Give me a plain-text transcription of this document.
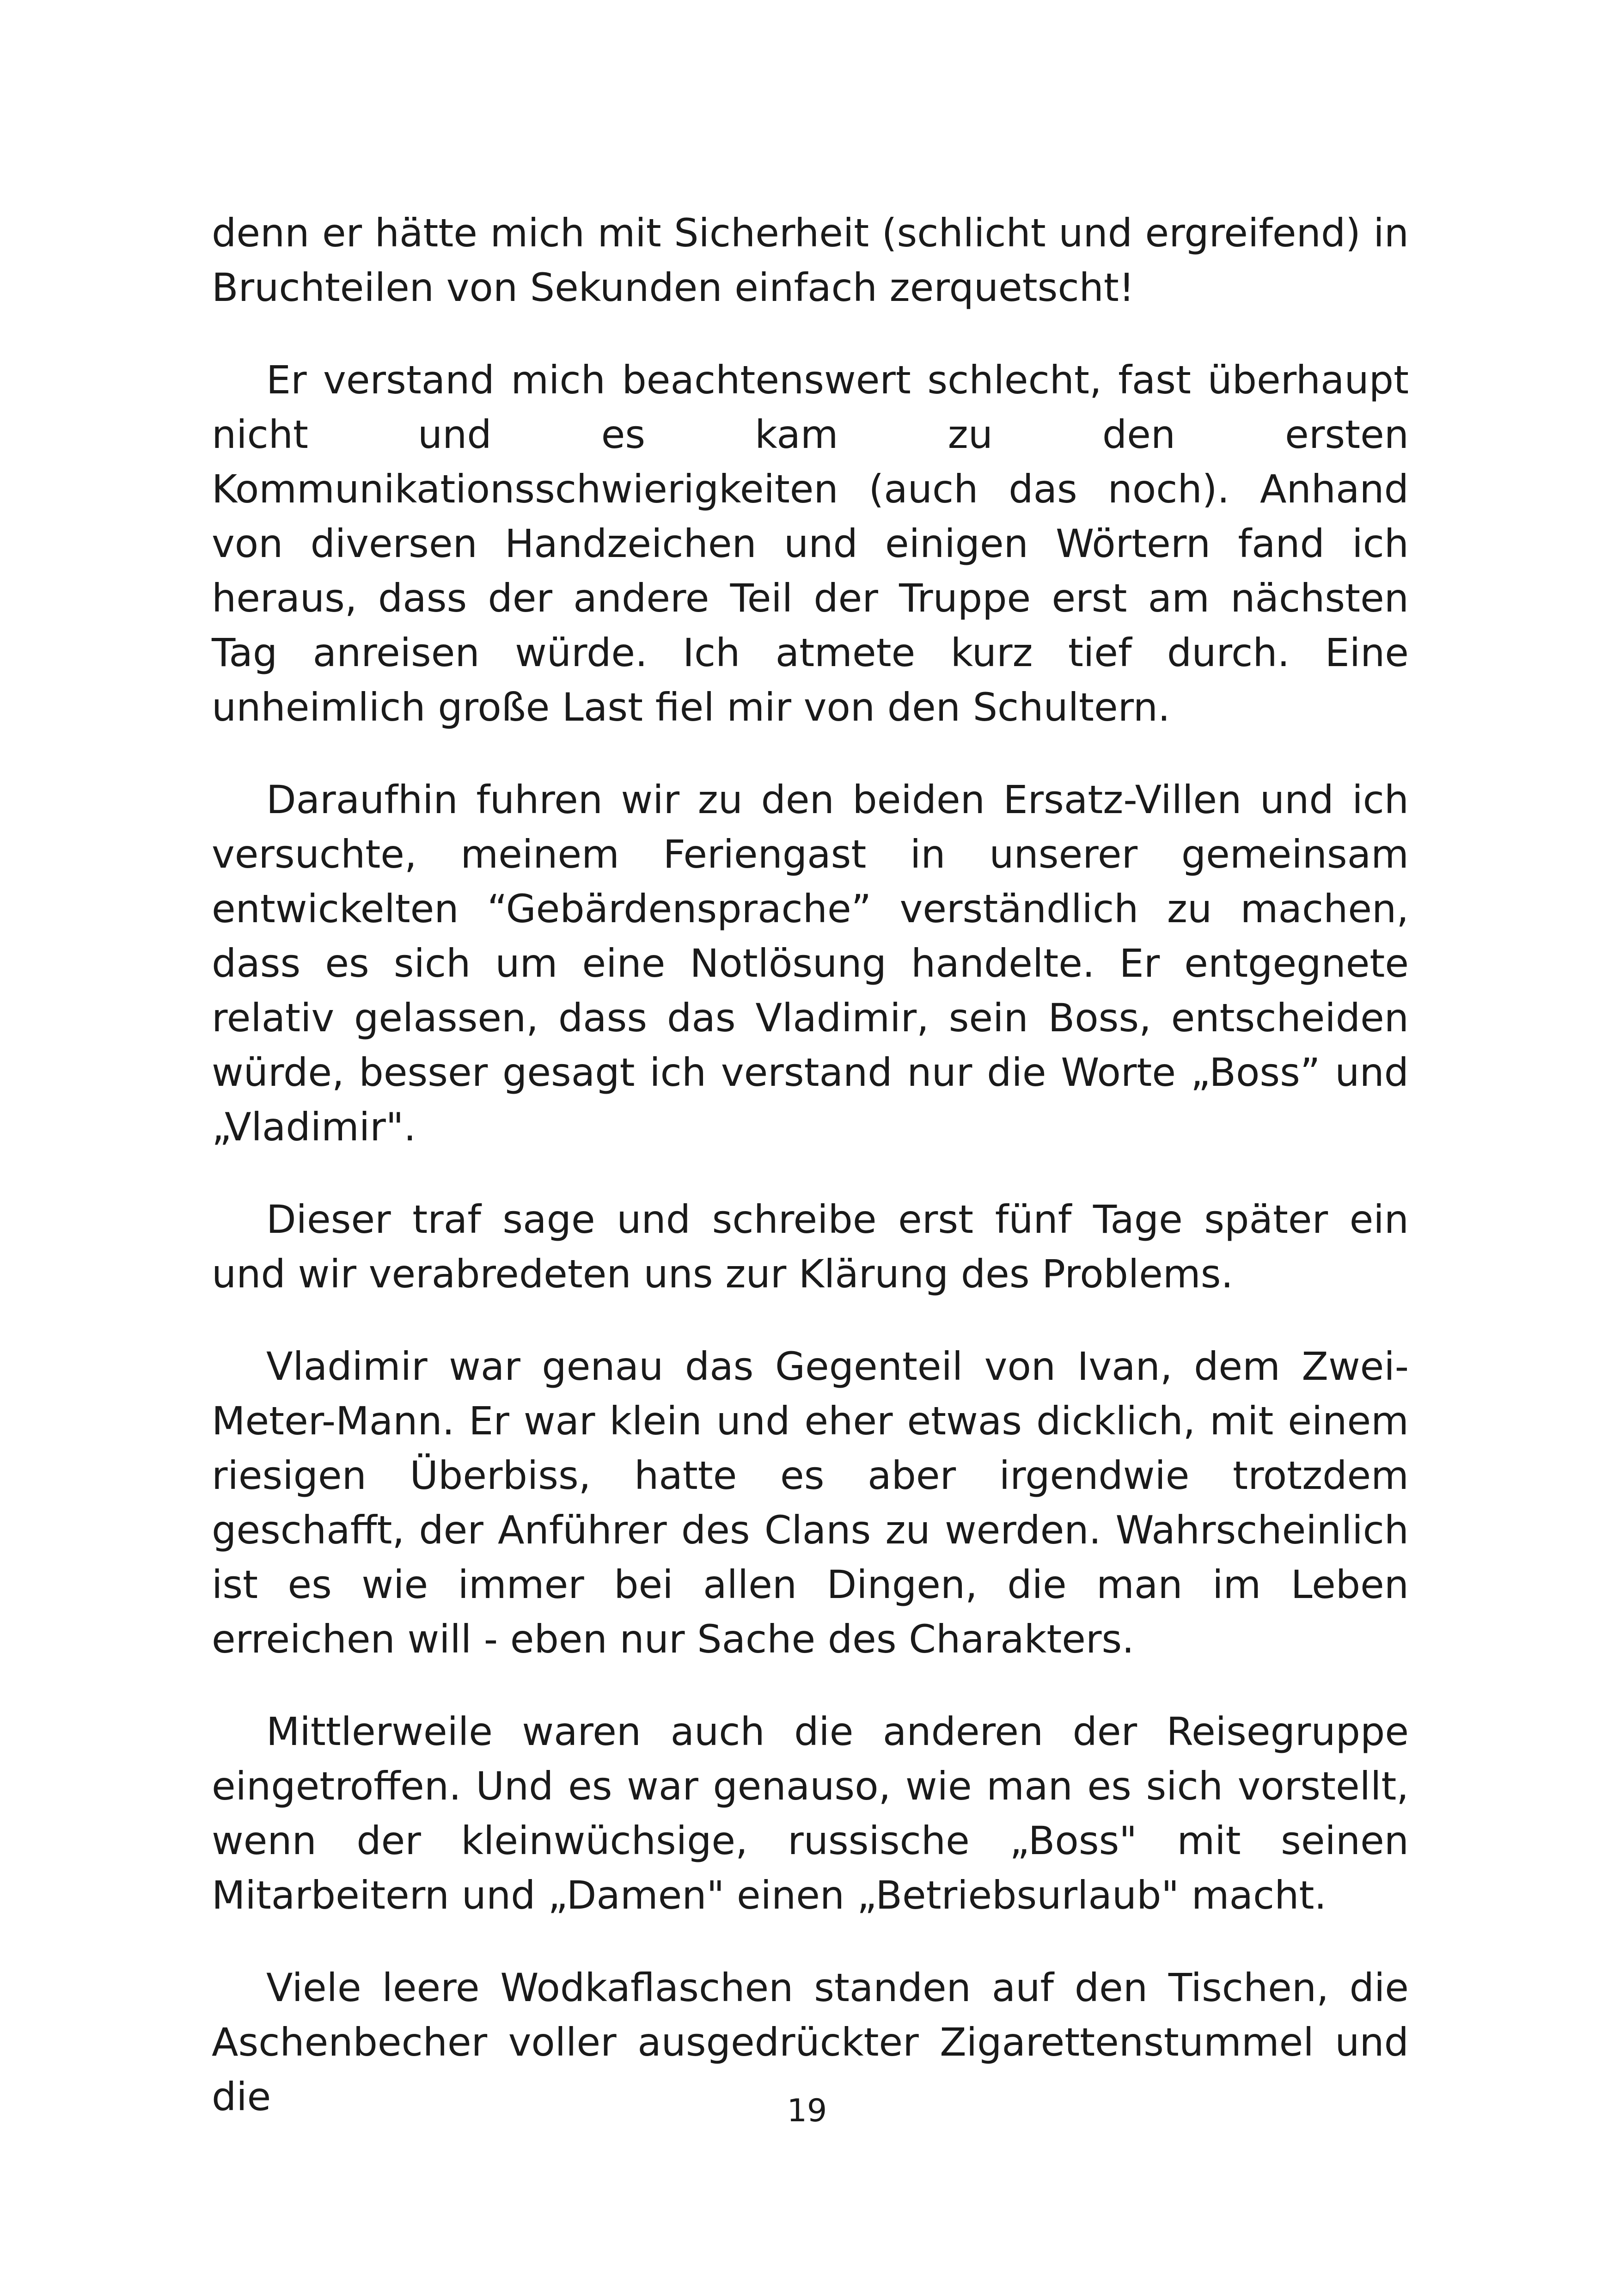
denn er hätte mich mit Sicherheit (schlicht und ergreifend) in Bruchteilen von Sekunden einfach zerquetscht!

Er verstand mich beachtenswert schlecht, fast überhaupt nicht und es kam zu den ersten Kommunikationsschwierigkeiten (auch das noch). Anhand von diversen Handzeichen und einigen Wörtern fand ich heraus, dass der andere Teil der Truppe erst am nächsten Tag anreisen würde. Ich atmete kurz tief durch. Eine unheimlich große Last fiel mir von den Schultern.

Daraufhin fuhren wir zu den beiden Ersatz-Villen und ich versuchte, meinem Feriengast in unserer gemeinsam entwickelten “Gebärdensprache” verständlich zu machen, dass es sich um eine Notlösung handelte. Er entgegnete relativ gelassen, dass das Vladimir, sein Boss, entscheiden würde, besser gesagt ich verstand nur die Worte „Boss” und „Vladimir".

Dieser traf sage und schreibe erst fünf Tage später ein und wir verabredeten uns zur Klärung des Problems.

Vladimir war genau das Gegenteil von Ivan, dem Zwei-Meter-Mann. Er war klein und eher etwas dicklich, mit einem riesigen Überbiss, hatte es aber irgendwie trotzdem geschafft, der Anführer des Clans zu werden. Wahrscheinlich ist es wie immer bei allen Dingen, die man im Leben erreichen will - eben nur Sache des Charakters.

Mittlerweile waren auch die anderen der Reisegruppe eingetroffen. Und es war genauso, wie man es sich vorstellt, wenn der kleinwüchsige, russische „Boss" mit seinen Mitarbeitern und „Damen" einen „Betriebsurlaub" macht.

Viele leere Wodkaflaschen standen auf den Tischen, die Aschenbecher voller ausgedrückter Zigarettenstummel und die	19
